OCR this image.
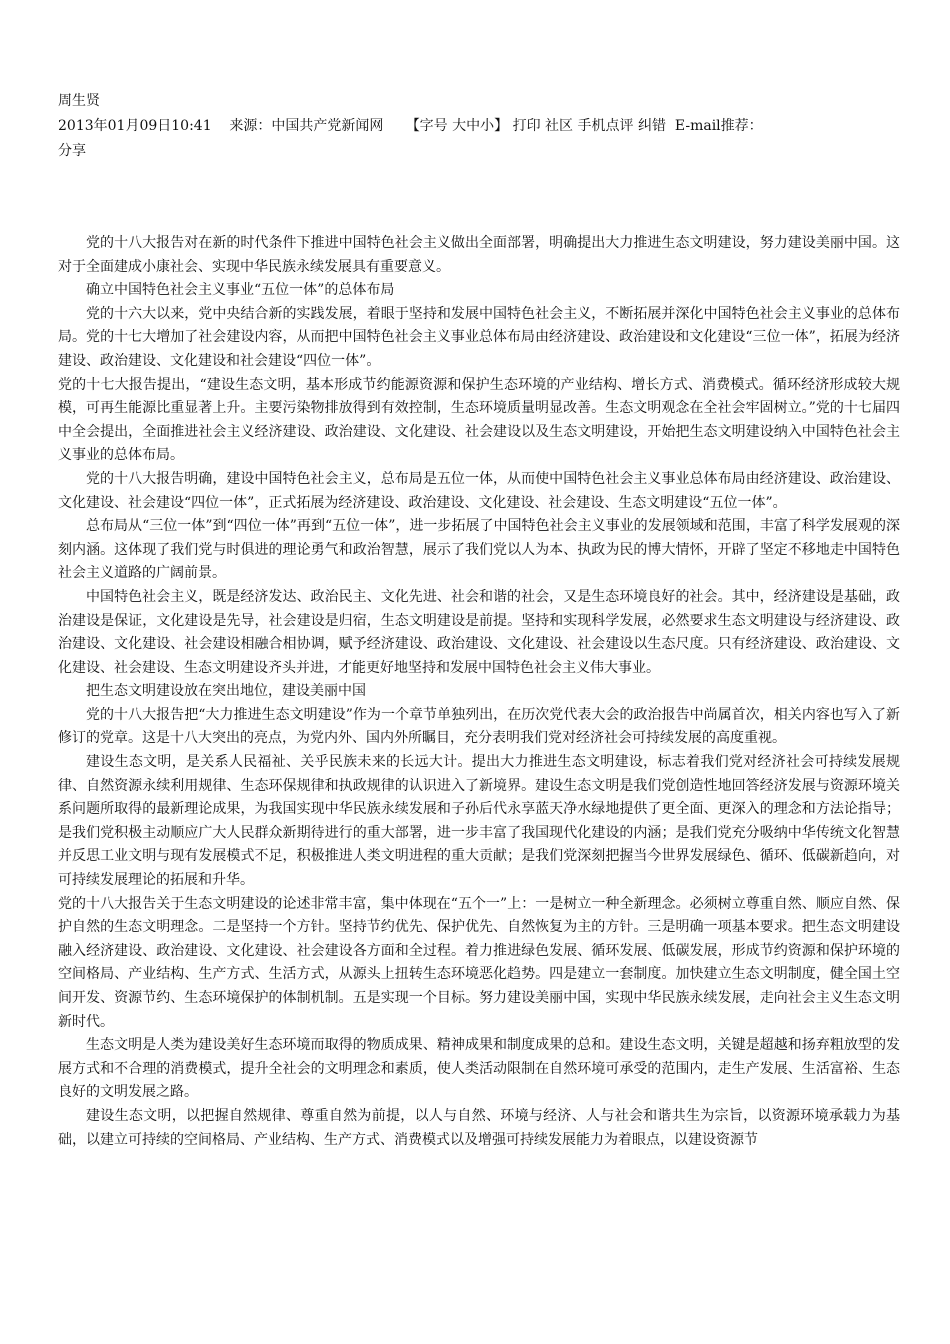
周生贤
2013年01月09日10:41 来源：中国共产党新闻网 【字号 大中小】 打印 社区 手机点评 纠错 E-mail推荐：
分享

党的十八大报告对在新的时代条件下推进中国特色社会主义做出全面部署，明确提出大力推进生态文明建设，努力建设美丽中国。这对于全面建成小康社会、实现中华民族永续发展具有重要意义。

确立中国特色社会主义事业“五位一体”的总体布局

党的十六大以来，党中央结合新的实践发展，着眼于坚持和发展中国特色社会主义，不断拓展并深化中国特色社会主义事业的总体布局。党的十七大增加了社会建设内容，从而把中国特色社会主义事业总体布局由经济建设、政治建设和文化建设“三位一体”，拓展为经济建设、政治建设、文化建设和社会建设“四位一体”。

党的十七大报告提出，“建设生态文明，基本形成节约能源资源和保护生态环境的产业结构、增长方式、消费模式。循环经济形成较大规模，可再生能源比重显著上升。主要污染物排放得到有效控制，生态环境质量明显改善。生态文明观念在全社会牢固树立。”党的十七届四中全会提出，全面推进社会主义经济建设、政治建设、文化建设、社会建设以及生态文明建设，开始把生态文明建设纳入中国特色社会主义事业的总体布局。

党的十八大报告明确，建设中国特色社会主义，总布局是五位一体，从而使中国特色社会主义事业总体布局由经济建设、政治建设、文化建设、社会建设“四位一体”，正式拓展为经济建设、政治建设、文化建设、社会建设、生态文明建设“五位一体”。

总布局从“三位一体”到“四位一体”再到“五位一体”，进一步拓展了中国特色社会主义事业的发展领域和范围，丰富了科学发展观的深刻内涵。这体现了我们党与时俱进的理论勇气和政治智慧，展示了我们党以人为本、执政为民的博大情怀，开辟了坚定不移地走中国特色社会主义道路的广阔前景。

中国特色社会主义，既是经济发达、政治民主、文化先进、社会和谐的社会，又是生态环境良好的社会。其中，经济建设是基础，政治建设是保证，文化建设是先导，社会建设是归宿，生态文明建设是前提。坚持和实现科学发展，必然要求生态文明建设与经济建设、政治建设、文化建设、社会建设相融合相协调，赋予经济建设、政治建设、文化建设、社会建设以生态尺度。只有经济建设、政治建设、文化建设、社会建设、生态文明建设齐头并进，才能更好地坚持和发展中国特色社会主义伟大事业。

把生态文明建设放在突出地位，建设美丽中国

党的十八大报告把“大力推进生态文明建设”作为一个章节单独列出，在历次党代表大会的政治报告中尚属首次，相关内容也写入了新修订的党章。这是十八大突出的亮点，为党内外、国内外所瞩目，充分表明我们党对经济社会可持续发展的高度重视。

建设生态文明，是关系人民福祉、关乎民族未来的长远大计。提出大力推进生态文明建设，标志着我们党对经济社会可持续发展规律、自然资源永续利用规律、生态环保规律和执政规律的认识进入了新境界。建设生态文明是我们党创造性地回答经济发展与资源环境关系问题所取得的最新理论成果，为我国实现中华民族永续发展和子孙后代永享蓝天净水绿地提供了更全面、更深入的理念和方法论指导；是我们党积极主动顺应广大人民群众新期待进行的重大部署，进一步丰富了我国现代化建设的内涵；是我们党充分吸纳中华传统文化智慧并反思工业文明与现有发展模式不足，积极推进人类文明进程的重大贡献；是我们党深刻把握当今世界发展绿色、循环、低碳新趋向，对可持续发展理论的拓展和升华。

党的十八大报告关于生态文明建设的论述非常丰富，集中体现在“五个一”上：一是树立一种全新理念。必须树立尊重自然、顺应自然、保护自然的生态文明理念。二是坚持一个方针。坚持节约优先、保护优先、自然恢复为主的方针。三是明确一项基本要求。把生态文明建设融入经济建设、政治建设、文化建设、社会建设各方面和全过程。着力推进绿色发展、循环发展、低碳发展，形成节约资源和保护环境的空间格局、产业结构、生产方式、生活方式，从源头上扭转生态环境恶化趋势。四是建立一套制度。加快建立生态文明制度，健全国土空间开发、资源节约、生态环境保护的体制机制。五是实现一个目标。努力建设美丽中国，实现中华民族永续发展，走向社会主义生态文明新时代。

生态文明是人类为建设美好生态环境而取得的物质成果、精神成果和制度成果的总和。建设生态文明，关键是超越和扬弃粗放型的发展方式和不合理的消费模式，提升全社会的文明理念和素质，使人类活动限制在自然环境可承受的范围内，走生产发展、生活富裕、生态良好的文明发展之路。

建设生态文明，以把握自然规律、尊重自然为前提，以人与自然、环境与经济、人与社会和谐共生为宗旨，以资源环境承载力为基础，以建立可持续的空间格局、产业结构、生产方式、消费模式以及增强可持续发展能力为着眼点，以建设资源节
